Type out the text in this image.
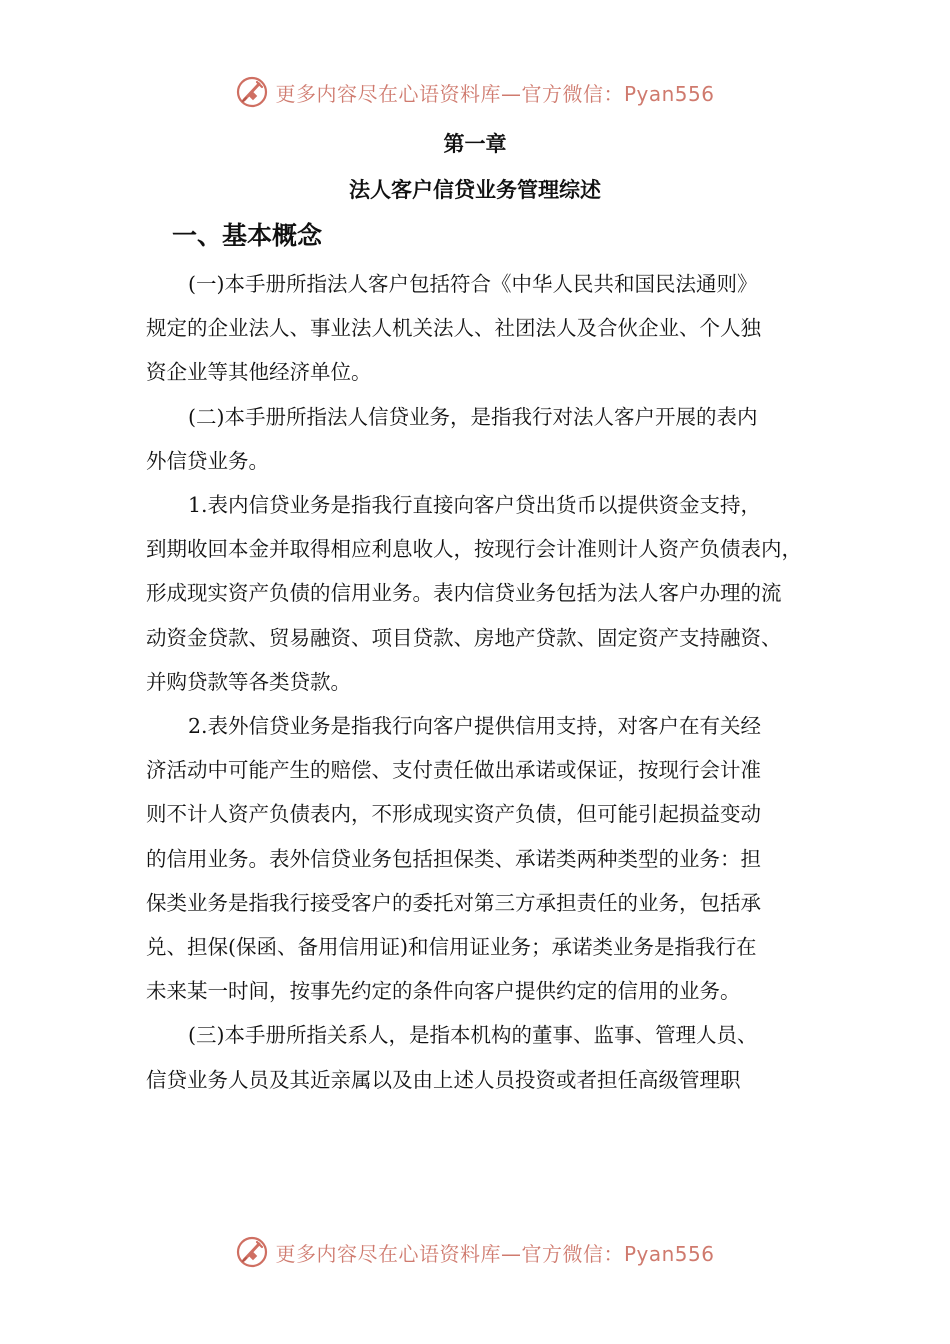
更多内容尽在心语资料库—官方微信：Pyan556
第一章
法人客户信贷业务管理综述
一、基本概念

(一)本手册所指法人客户包括符合《中华人民共和国民法通则》
规定的企业法人、事业法人机关法人、社团法人及合伙企业、个人独
资企业等其他经济单位。

(二)本手册所指法人信贷业务，是指我行对法人客户开展的表内
外信贷业务。

1.表内信贷业务是指我行直接向客户贷出货币以提供资金支持，
到期收回本金并取得相应利息收人，按现行会计准则计人资产负债表内，
形成现实资产负债的信用业务。表内信贷业务包括为法人客户办理的流
动资金贷款、贸易融资、项目贷款、房地产贷款、固定资产支持融资、
并购贷款等各类贷款。

2.表外信贷业务是指我行向客户提供信用支持，对客户在有关经
济活动中可能产生的赔偿、支付责任做出承诺或保证，按现行会计准
则不计人资产负债表内，不形成现实资产负债，但可能引起损益变动
的信用业务。表外信贷业务包括担保类、承诺类两种类型的业务：担
保类业务是指我行接受客户的委托对第三方承担责任的业务，包括承
兑、担保(保函、备用信用证)和信用证业务；承诺类业务是指我行在
未来某一时间，按事先约定的条件向客户提供约定的信用的业务。

(三)本手册所指关系人，是指本机构的董事、监事、管理人员、
信贷业务人员及其近亲属以及由上述人员投资或者担任高级管理职

更多内容尽在心语资料库—官方微信：Pyan556
